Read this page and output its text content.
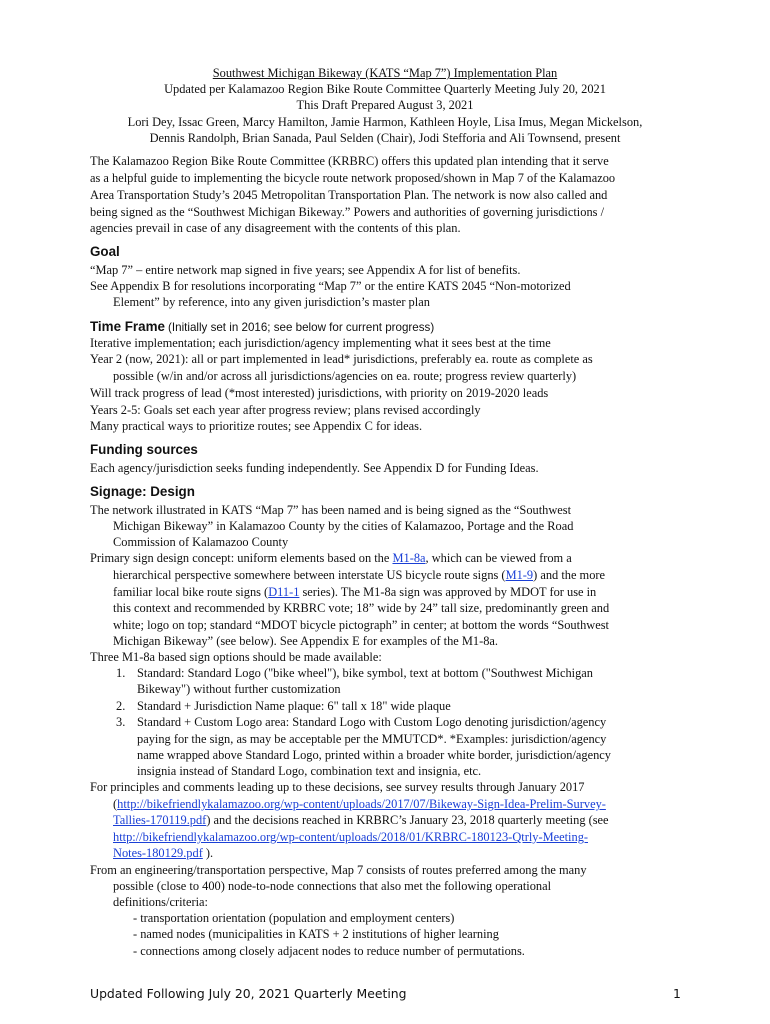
Southwest Michigan Bikeway (KATS “Map 7”) Implementation Plan
Updated per Kalamazoo Region Bike Route Committee Quarterly Meeting July 20, 2021
This Draft Prepared August 3, 2021
Lori Dey, Issac Green, Marcy Hamilton, Jamie Harmon, Kathleen Hoyle, Lisa Imus, Megan Mickelson,
Dennis Randolph, Brian Sanada, Paul Selden (Chair), Jodi Stefforia and Ali Townsend, present
The Kalamazoo Region Bike Route Committee (KRBRC) offers this updated plan intending that it serve
as a helpful guide to implementing the bicycle route network proposed/shown in Map 7 of the Kalamazoo
Area Transportation Study’s 2045 Metropolitan Transportation Plan. The network is now also called and
being signed as the “Southwest Michigan Bikeway.” Powers and authorities of governing jurisdictions /
agencies prevail in case of any disagreement with the contents of this plan.
Goal
“Map 7” – entire network map signed in five years; see Appendix A for list of benefits.
See Appendix B for resolutions incorporating “Map 7” or the entire KATS 2045 “Non-motorized
Element” by reference, into any given jurisdiction’s master plan
Time Frame (Initially set in 2016; see below for current progress)
Iterative implementation; each jurisdiction/agency implementing what it sees best at the time
Year 2 (now, 2021): all or part implemented in lead* jurisdictions, preferably ea. route as complete as
possible (w/in and/or across all jurisdictions/agencies on ea. route; progress review quarterly)
Will track progress of lead (*most interested) jurisdictions, with priority on 2019-2020 leads
Years 2-5: Goals set each year after progress review; plans revised accordingly
Many practical ways to prioritize routes; see Appendix C for ideas.
Funding sources
Each agency/jurisdiction seeks funding independently. See Appendix D for Funding Ideas.
Signage: Design
The network illustrated in KATS “Map 7” has been named and is being signed as the “Southwest
Michigan Bikeway” in Kalamazoo County by the cities of Kalamazoo, Portage and the Road
Commission of Kalamazoo County
Primary sign design concept: uniform elements based on the M1-8a, which can be viewed from a
hierarchical perspective somewhere between interstate US bicycle route signs (M1-9) and the more
familiar local bike route signs (D11-1 series). The M1-8a sign was approved by MDOT for use in
this context and recommended by KRBRC vote; 18” wide by 24” tall size, predominantly green and
white; logo on top; standard “MDOT bicycle pictograph” in center; at bottom the words “Southwest
Michigan Bikeway” (see below). See Appendix E for examples of the M1-8a.
Three M1-8a based sign options should be made available:
1. Standard: Standard Logo ("bike wheel"), bike symbol, text at bottom ("Southwest Michigan
Bikeway") without further customization
2. Standard + Jurisdiction Name plaque: 6" tall x 18" wide plaque
3. Standard + Custom Logo area: Standard Logo with Custom Logo denoting jurisdiction/agency
paying for the sign, as may be acceptable per the MMUTCD*. *Examples: jurisdiction/agency
name wrapped above Standard Logo, printed within a broader white border, jurisdiction/agency
insignia instead of Standard Logo, combination text and insignia, etc.
For principles and comments leading up to these decisions, see survey results through January 2017
(http://bikefriendlykalamazoo.org/wp-content/uploads/2017/07/Bikeway-Sign-Idea-Prelim-Survey-
Tallies-170119.pdf) and the decisions reached in KRBRC’s January 23, 2018 quarterly meeting (see
http://bikefriendlykalamazoo.org/wp-content/uploads/2018/01/KRBRC-180123-Qtrly-Meeting-
Notes-180129.pdf ).
From an engineering/transportation perspective, Map 7 consists of routes preferred among the many
possible (close to 400) node-to-node connections that also met the following operational
definitions/criteria:
- transportation orientation (population and employment centers)
- named nodes (municipalities in KATS + 2 institutions of higher learning
- connections among closely adjacent nodes to reduce number of permutations.
Updated Following July 20, 2021 Quarterly Meeting	1
